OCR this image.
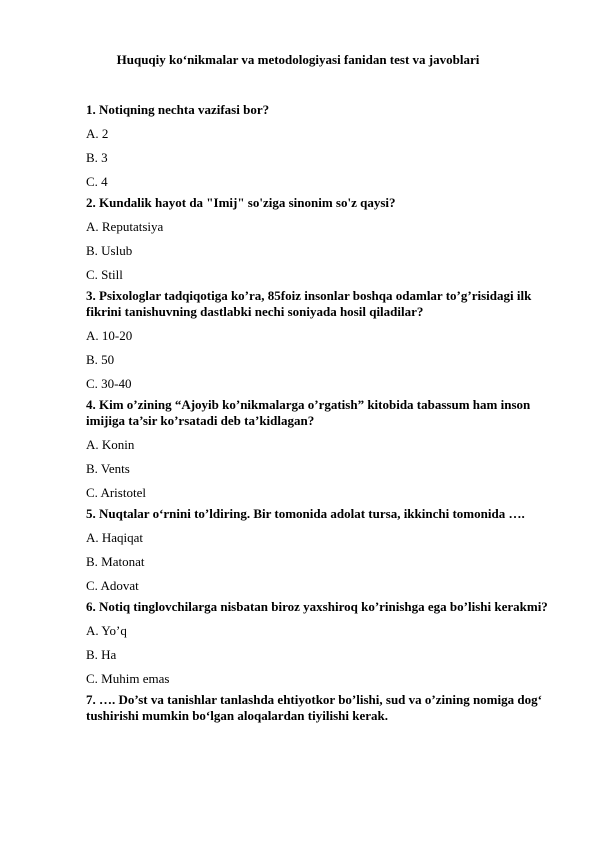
Huquqiy ko‘nikmalar va metodologiyasi fanidan test va javoblari

1. Notiqning nechta vazifasi bor?

A. 2
B. 3
C. 4

2. Kundalik hayot da "Imij" so'ziga sinonim so'z qaysi?

A. Reputatsiya
B. Uslub
C. Still

3. Psixologlar tadqiqotiga ko’ra, 85foiz insonlar boshqa odamlar to’g’risidagi ilk fikrini tanishuvning dastlabki nechi soniyada hosil qiladilar?

A. 10-20
B. 50
C. 30-40

4. Kim o’zining “Ajoyib ko’nikmalarga o’rgatish” kitobida tabassum ham inson imijiga ta’sir ko’rsatadi deb ta’kidlagan?

A. Konin
B. Vents
C. Aristotel

5. Nuqtalar o‘rnini to’ldiring. Bir tomonida adolat tursa, ikkinchi tomonida ….

A. Haqiqat
B. Matonat
C. Adovat

6. Notiq tinglovchilarga nisbatan biroz yaxshiroq ko’rinishga ega bo’lishi kerakmi?

A. Yo’q
B. Ha
C. Muhim emas

7. …. Do’st va tanishlar tanlashda ehtiyotkor bo’lishi, sud va o’zining nomiga dog‘ tushirishi mumkin bo‘lgan aloqalardan tiyilishi kerak.
